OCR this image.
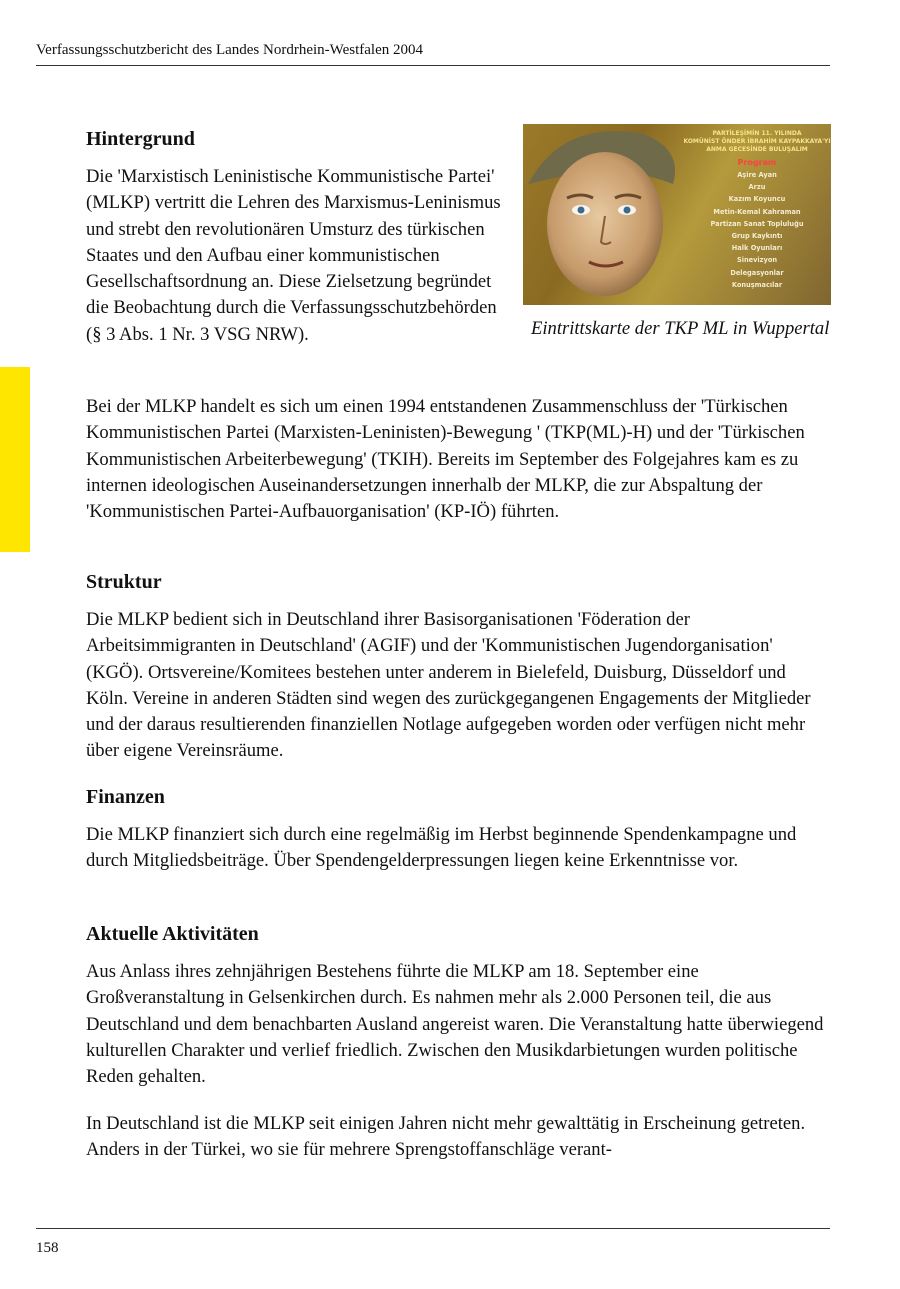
Verfassungsschutzbericht des Landes Nordrhein-Westfalen 2004
Hintergrund

Die 'Marxistisch Leninistische Kommunistische Partei' (MLKP) vertritt die Lehren des Marxismus-Leninismus und strebt den revolutionären Umsturz des türkischen Staates und den Aufbau einer kommunistischen Gesellschaftsordnung an. Diese Zielsetzung begründet die Beobachtung durch die Verfassungsschutzbehörden (§ 3 Abs. 1 Nr. 3 VSG NRW).

PARTİLEŞİMİN 11. YILINDA
KOMÜNİST ÖNDER İBRAHİM KAYPAKKAYA'YI
ANMA GECESİNDE BULUŞALIM
Program
Aşire Ayan
Arzu
Kazım Koyuncu
Metin-Kemal Kahraman
Partizan Sanat Topluluğu
Grup Kaykıntı
Halk Oyunları
Sinevizyon
Delegasyonlar
Konuşmacılar
Eintrittskarte der TKP ML in Wuppertal

Bei der MLKP handelt es sich um einen 1994 entstandenen Zusammenschluss der 'Türkischen Kommunistischen Partei (Marxisten-Leninisten)-Bewegung ' (TKP(ML)-H) und der 'Türkischen Kommunistischen Arbeiterbewegung' (TKIH). Bereits im September des Folgejahres kam es zu internen ideologischen Auseinandersetzungen innerhalb der MLKP, die zur Abspaltung der 'Kommunistischen Partei-Aufbauorganisation' (KP-IÖ) führten.

Struktur

Die MLKP bedient sich in Deutschland ihrer Basisorganisationen 'Föderation der Arbeitsimmigranten in Deutschland' (AGIF) und der 'Kommunistischen Jugendorganisation' (KGÖ). Ortsvereine/Komitees bestehen unter anderem in Bielefeld, Duisburg, Düsseldorf und Köln. Vereine in anderen Städten sind wegen des zurückgegangenen Engagements der Mitglieder und der daraus resultierenden finanziellen Notlage aufgegeben worden oder verfügen nicht mehr über eigene Vereinsräume.

Finanzen

Die MLKP finanziert sich durch eine regelmäßig im Herbst beginnende Spendenkampagne und durch Mitgliedsbeiträge. Über Spendengelderpressungen liegen keine Erkenntnisse vor.

Aktuelle Aktivitäten

Aus Anlass ihres zehnjährigen Bestehens führte die MLKP am 18. September eine Großveranstaltung in Gelsenkirchen durch. Es nahmen mehr als 2.000 Personen teil, die aus Deutschland und dem benachbarten Ausland angereist waren. Die Veranstaltung hatte überwiegend kulturellen Charakter und verlief friedlich. Zwischen den Musikdarbietungen wurden politische Reden gehalten.

In Deutschland ist die MLKP seit einigen Jahren nicht mehr gewalttätig in Erscheinung getreten. Anders in der Türkei, wo sie für mehrere Sprengstoffanschläge verant-

158
